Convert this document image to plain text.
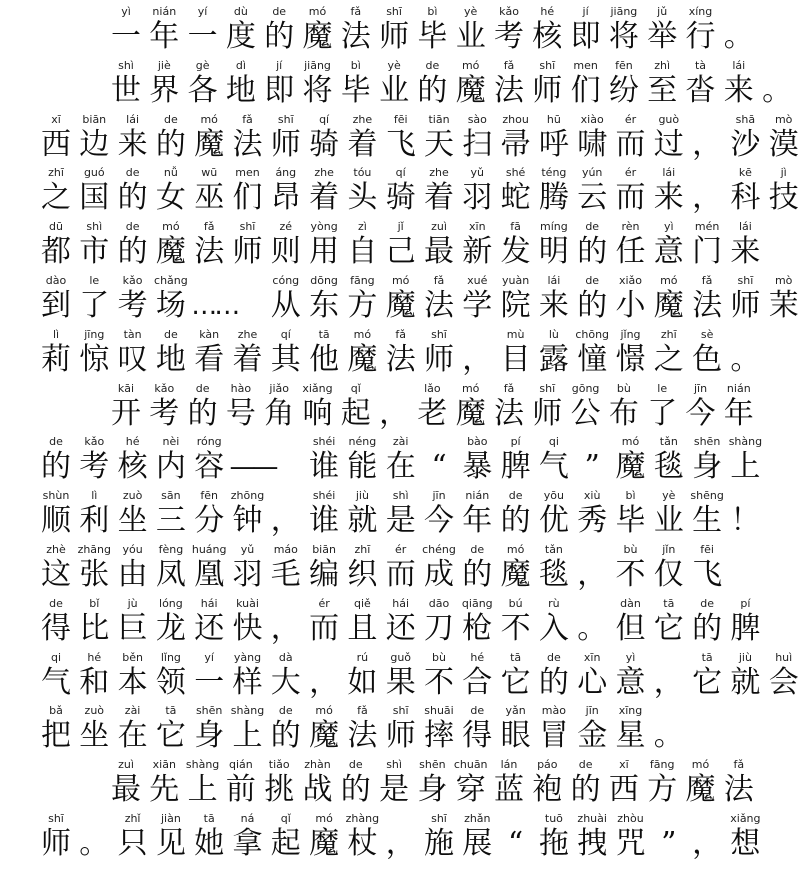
yì
一
nián
年
yí
一
dù
度
de
的
mó
魔
fǎ
法
shī
师
bì
毕
yè
业
kǎo
考
hé
核
jí
即
jiāng
将
jǔ
举
xíng
行 。
shì
世
jiè
界
gè
各
dì
地
jí
即
jiāng
将
bì
毕
yè
业
de
的
mó
魔
fǎ
法
shī
师
men
们
fēn
纷
zhì
至
tà
沓
lái
来 。
xī
西
biān
边
lái
来
de
的
mó
魔
fǎ
法
shī
师
qí
骑
zhe
着
fēi
飞
tiān
天
sào
扫
zhou
帚
hū
呼
xiào
啸
ér
而
guò
过 ，
shā
沙
mò
漠
zhī
之
guó
国
de
的
nǚ
女
wū
巫
men
们
áng
昂
zhe
着
tóu
头
qí
骑
zhe
着
yǔ
羽
shé
蛇
téng
腾
yún
云
ér
而
lái
来 ，
kē
科
jì
技
dū
都
shì
市
de
的
mó
魔
fǎ
法
shī
师
zé
则
yòng
用
zì
自
jǐ
己
zuì
最
xīn
新
fā
发
míng
明
de
的
rèn
任
yì
意
mén
门
lái
来
dào
到
le
了
kǎo
考
chǎng
场 ……
cóng
从
dōng
东
fāng
方
mó
魔
fǎ
法
xué
学
yuàn
院
lái
来
de
的
xiǎo
小
mó
魔
fǎ
法
shī
师
mò
茉
lì
莉
jīng
惊
tàn
叹
de
地
kàn
看
zhe
着
qí
其
tā
他
mó
魔
fǎ
法
shī
师 ，
mù
目
lù
露
chōng
憧
jǐng
憬
zhī
之
sè
色 。
kāi
开
kǎo
考
de
的
hào
号
jiǎo
角
xiǎng
响
qǐ
起 ，
lǎo
老
mó
魔
fǎ
法
shī
师
gōng
公
bù
布
le
了
jīn
今
nián
年
de
的
kǎo
考
hé
核
nèi
内
róng
容 ——
shéi
谁
néng
能
zài
在 “
bào
暴
pí
脾
qi
气 ”
mó
魔
tǎn
毯
shēn
身
shàng
上
shùn
顺
lì
利
zuò
坐
sān
三
fēn
分
zhōng
钟 ，
shéi
谁
jiù
就
shì
是
jīn
今
nián
年
de
的
yōu
优
xiù
秀
bì
毕
yè
业
shēng
生 ！
zhè
这
zhāng
张
yóu
由
fèng
凤
huáng
凰
yǔ
羽
máo
毛
biān
编
zhī
织
ér
而
chéng
成
de
的
mó
魔
tǎn
毯 ，
bù
不
jǐn
仅
fēi
飞
de
得
bǐ
比
jù
巨
lóng
龙
hái
还
kuài
快 ，
ér
而
qiě
且
hái
还
dāo
刀
qiāng
枪
bú
不
rù
入 。
dàn
但
tā
它
de
的
pí
脾
qi
气
hé
和
běn
本
lǐng
领
yí
一
yàng
样
dà
大 ，
rú
如
guǒ
果
bù
不
hé
合
tā
它
de
的
xīn
心
yì
意 ，
tā
它
jiù
就
huì
会
bǎ
把
zuò
坐
zài
在
tā
它
shēn
身
shàng
上
de
的
mó
魔
fǎ
法
shī
师
shuāi
摔
de
得
yǎn
眼
mào
冒
jīn
金
xīng
星 。
zuì
最
xiān
先
shàng
上
qián
前
tiǎo
挑
zhàn
战
de
的
shì
是
shēn
身
chuān
穿
lán
蓝
páo
袍
de
的
xī
西
fāng
方
mó
魔
fǎ
法
shī
师 。
zhǐ
只
jiàn
见
tā
她
ná
拿
qǐ
起
mó
魔
zhàng
杖 ，
shī
施
zhǎn
展 “
tuō
拖
zhuài
拽
zhòu
咒 ” ，
xiǎng
想
